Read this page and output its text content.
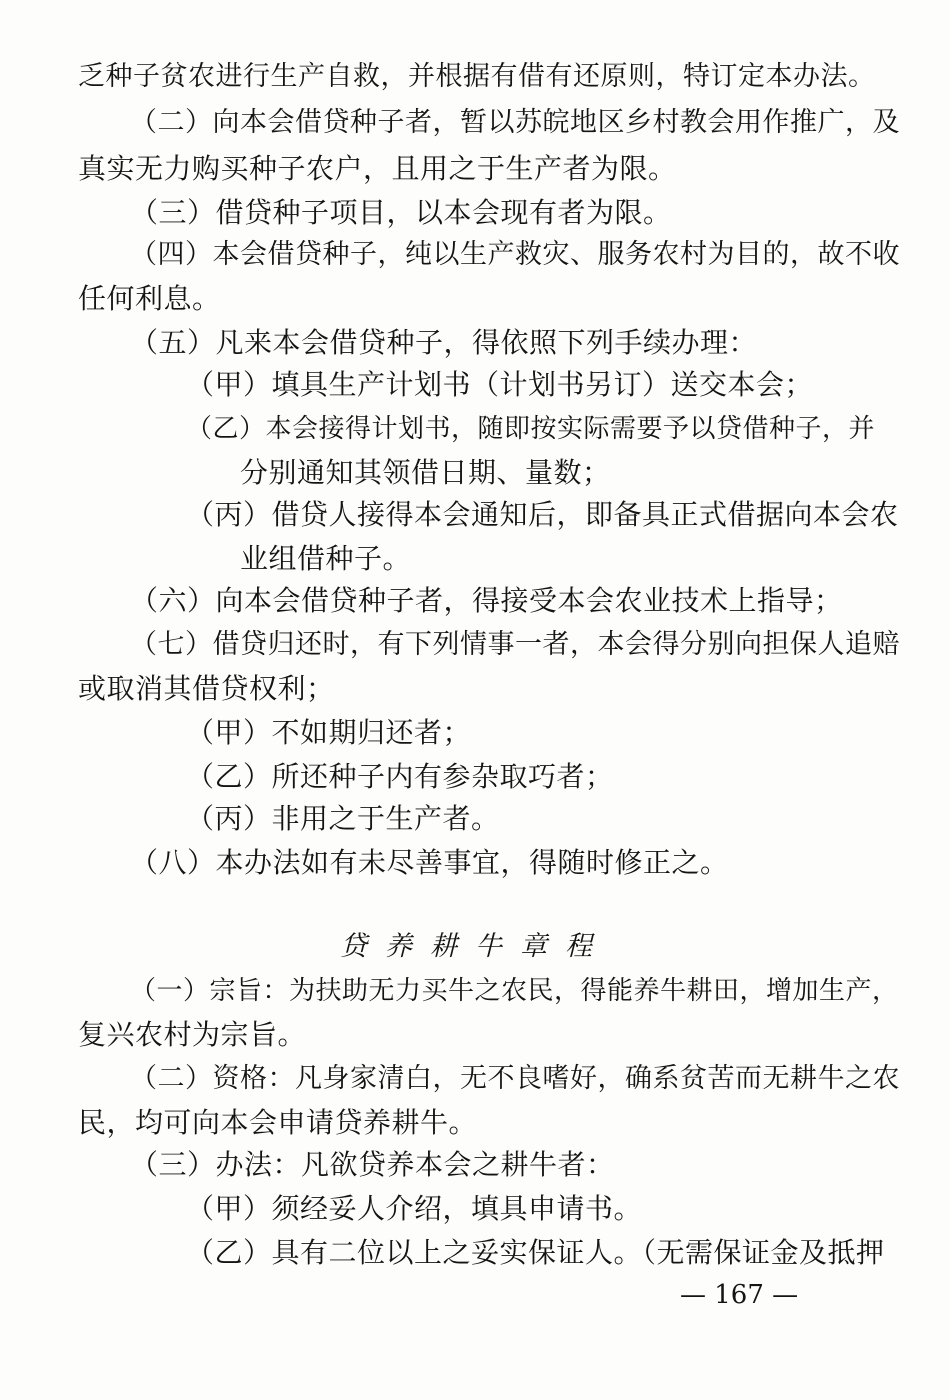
乏种子贫农进行生产自救，并根据有借有还原则，特订定本办法。
（二）向本会借贷种子者，暂以苏皖地区乡村教会用作推广，及
真实无力购买种子农户，且用之于生产者为限。
（三）借贷种子项目，以本会现有者为限。
（四）本会借贷种子，纯以生产救灾、服务农村为目的，故不收
任何利息。
（五）凡来本会借贷种子，得依照下列手续办理：
（甲）填具生产计划书（计划书另订）送交本会；
（乙）本会接得计划书，随即按实际需要予以贷借种子，并
分别通知其领借日期、量数；
（丙）借贷人接得本会通知后，即备具正式借据向本会农
业组借种子。
（六）向本会借贷种子者，得接受本会农业技术上指导；
（七）借贷归还时，有下列情事一者，本会得分别向担保人追赔
或取消其借贷权利；
（甲）不如期归还者；
（乙）所还种子内有参杂取巧者；
（丙）非用之于生产者。
（八）本办法如有未尽善事宜，得随时修正之。
贷养耕牛章程
（一）宗旨：为扶助无力买牛之农民，得能养牛耕田，增加生产，
复兴农村为宗旨。
（二）资格：凡身家清白，无不良嗜好，确系贫苦而无耕牛之农
民，均可向本会申请贷养耕牛。
（三）办法：凡欲贷养本会之耕牛者：
（甲）须经妥人介绍，填具申请书。
（乙）具有二位以上之妥实保证人。（无需保证金及抵押
— 167 —
